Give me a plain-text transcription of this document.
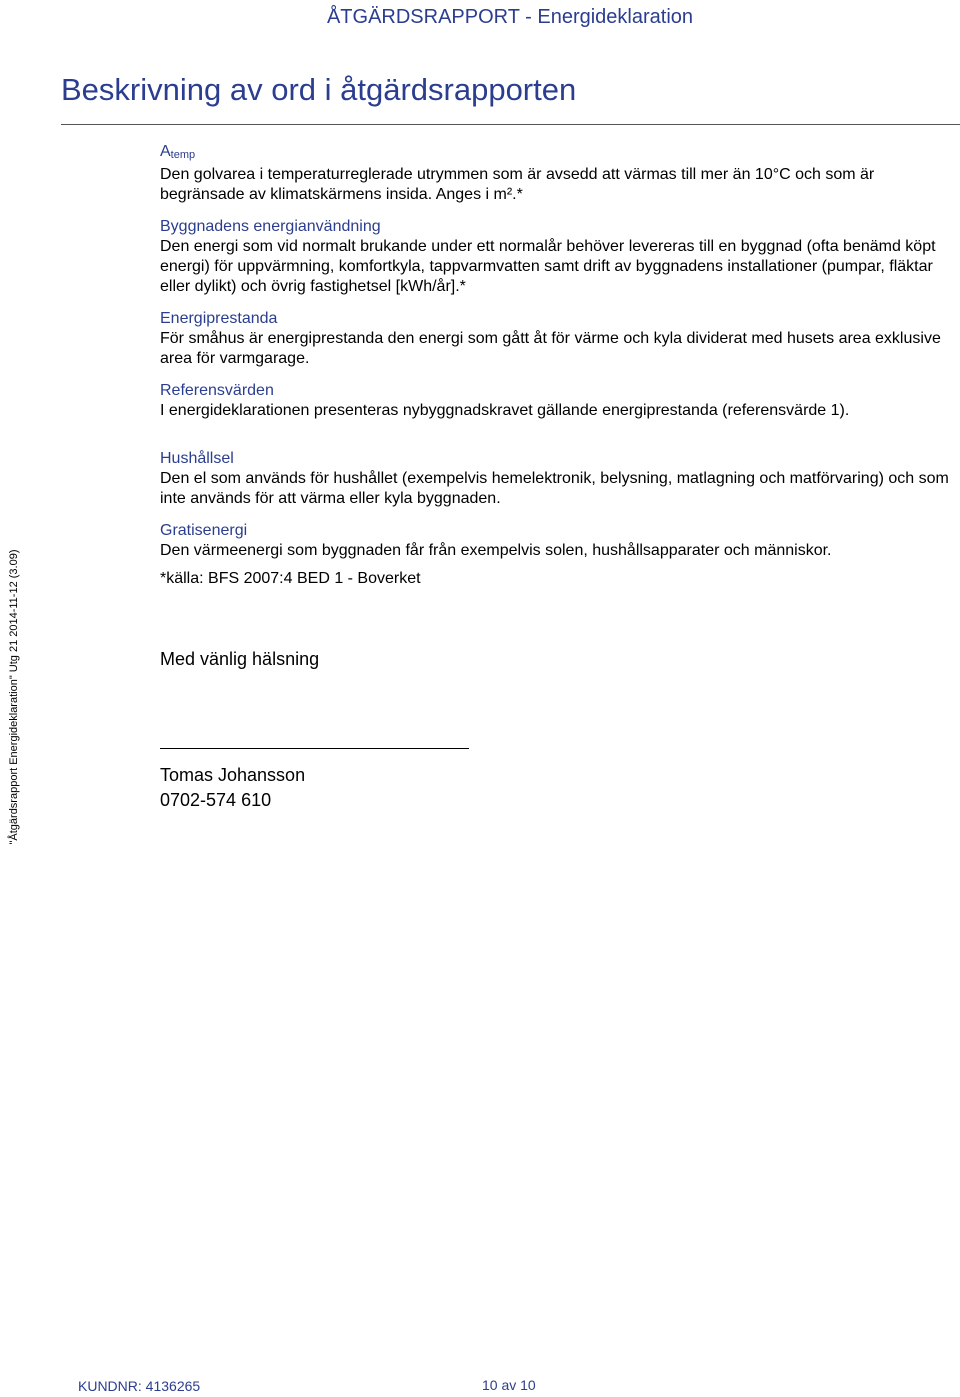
ÅTGÄRDSRAPPORT - Energideklaration
Beskrivning av ord i åtgärdsrapporten
Atemp

Den golvarea i temperaturreglerade utrymmen som är avsedd att värmas till mer än 10°C och som är begränsade av klimatskärmens insida. Anges i m².*

Byggnadens energianvändning

Den energi som vid normalt brukande under ett normalår behöver levereras till en byggnad (ofta benämd köpt energi) för uppvärmning, komfortkyla, tappvarmvatten samt drift av byggnadens installationer (pumpar, fläktar eller dylikt) och övrig fastighetsel [kWh/år].*

Energiprestanda

För småhus är energiprestanda den energi som gått åt för värme och kyla dividerat med husets area exklusive area för varmgarage.

Referensvärden

I energideklarationen presenteras nybyggnadskravet gällande energiprestanda (referensvärde 1).

Hushållsel

Den el som används för hushållet (exempelvis hemelektronik, belysning, matlagning och matförvaring) och som inte används för att värma eller kyla byggnaden.

Gratisenergi

Den värmeenergi som byggnaden får från exempelvis solen, hushållsapparater och människor.

*källa: BFS 2007:4 BED 1 - Boverket
Med vänlig hälsning
Tomas Johansson
0702-574 610
"Åtgärdsrapport Energideklaration" Utg 21 2014-11-12 (3.09)
KUNDNR: 4136265	10 av 10
